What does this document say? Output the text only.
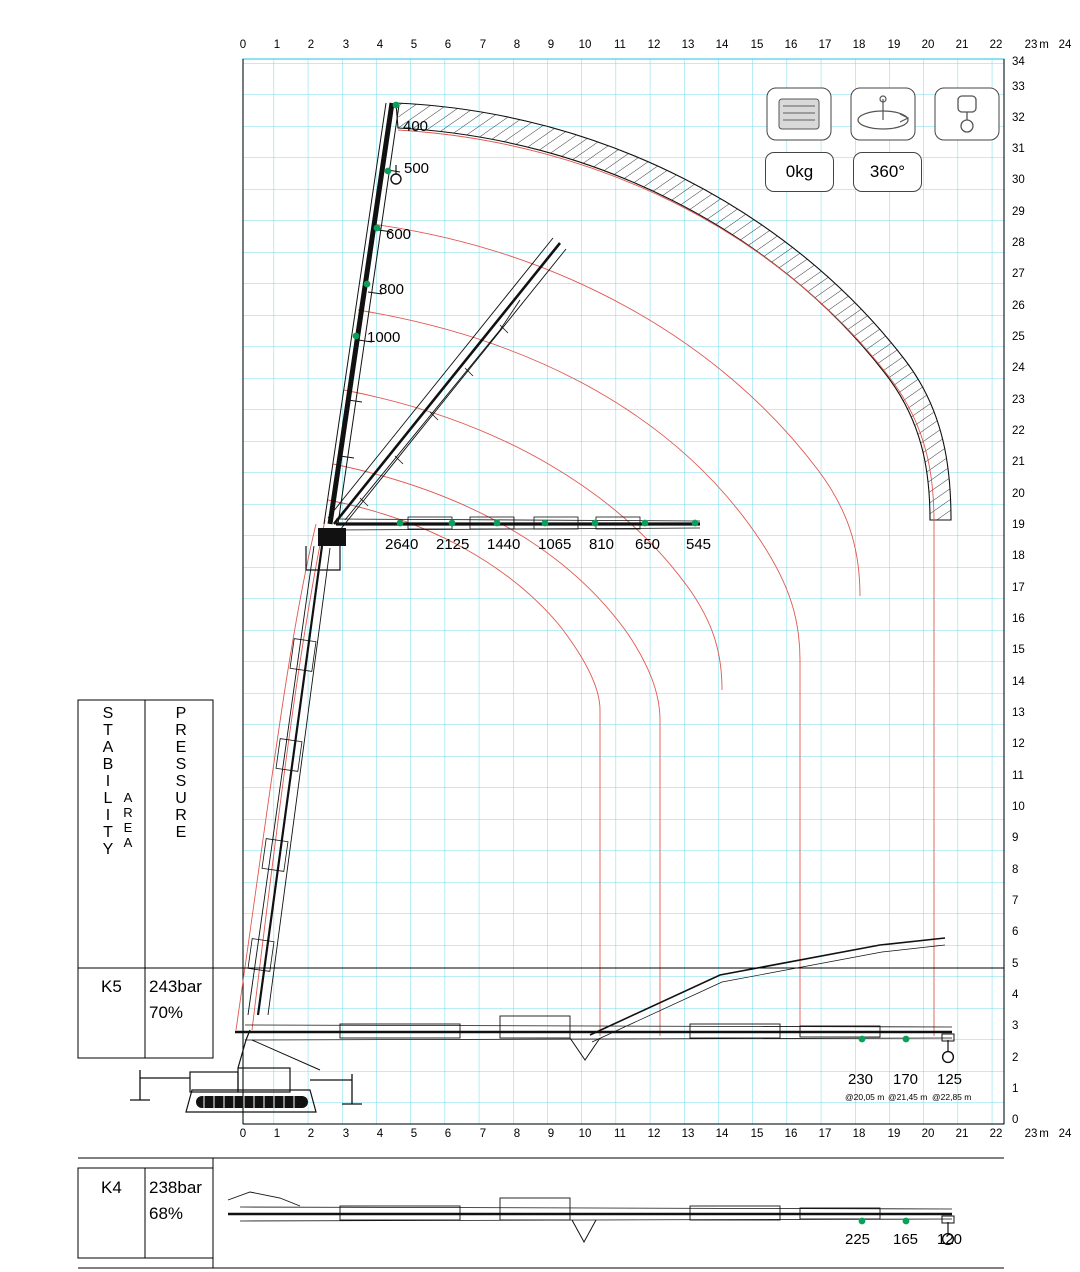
0	1	2	3	4	5	6	7	8	9	10	11	12	13	14	15	16	17	18	19	20	21	22	23	24
0	1	2	3	4	5	6	7	8	9	10	11	12	13	14	15	16	17	18	19	20	21	22	23	24
0
1
2
3
4
5
6
7
8
9
10
11
12
13
14
15
16
17
18
19
20
21
22
23
24
25
26
27
28
29
30
31
32
33
34
m
m
400
500
600
800
1000
2640 2125 1440 1065 810 650 545
230
@20,05 m
170
@21,45 m
125
@22,85 m
225 165 120
0kg	360°
S
T
A
B
I
L
I
T
Y
A
R
E
A
P
R
E
S
S
U
R
E
K5 243bar
70%
K4 238bar
68%
